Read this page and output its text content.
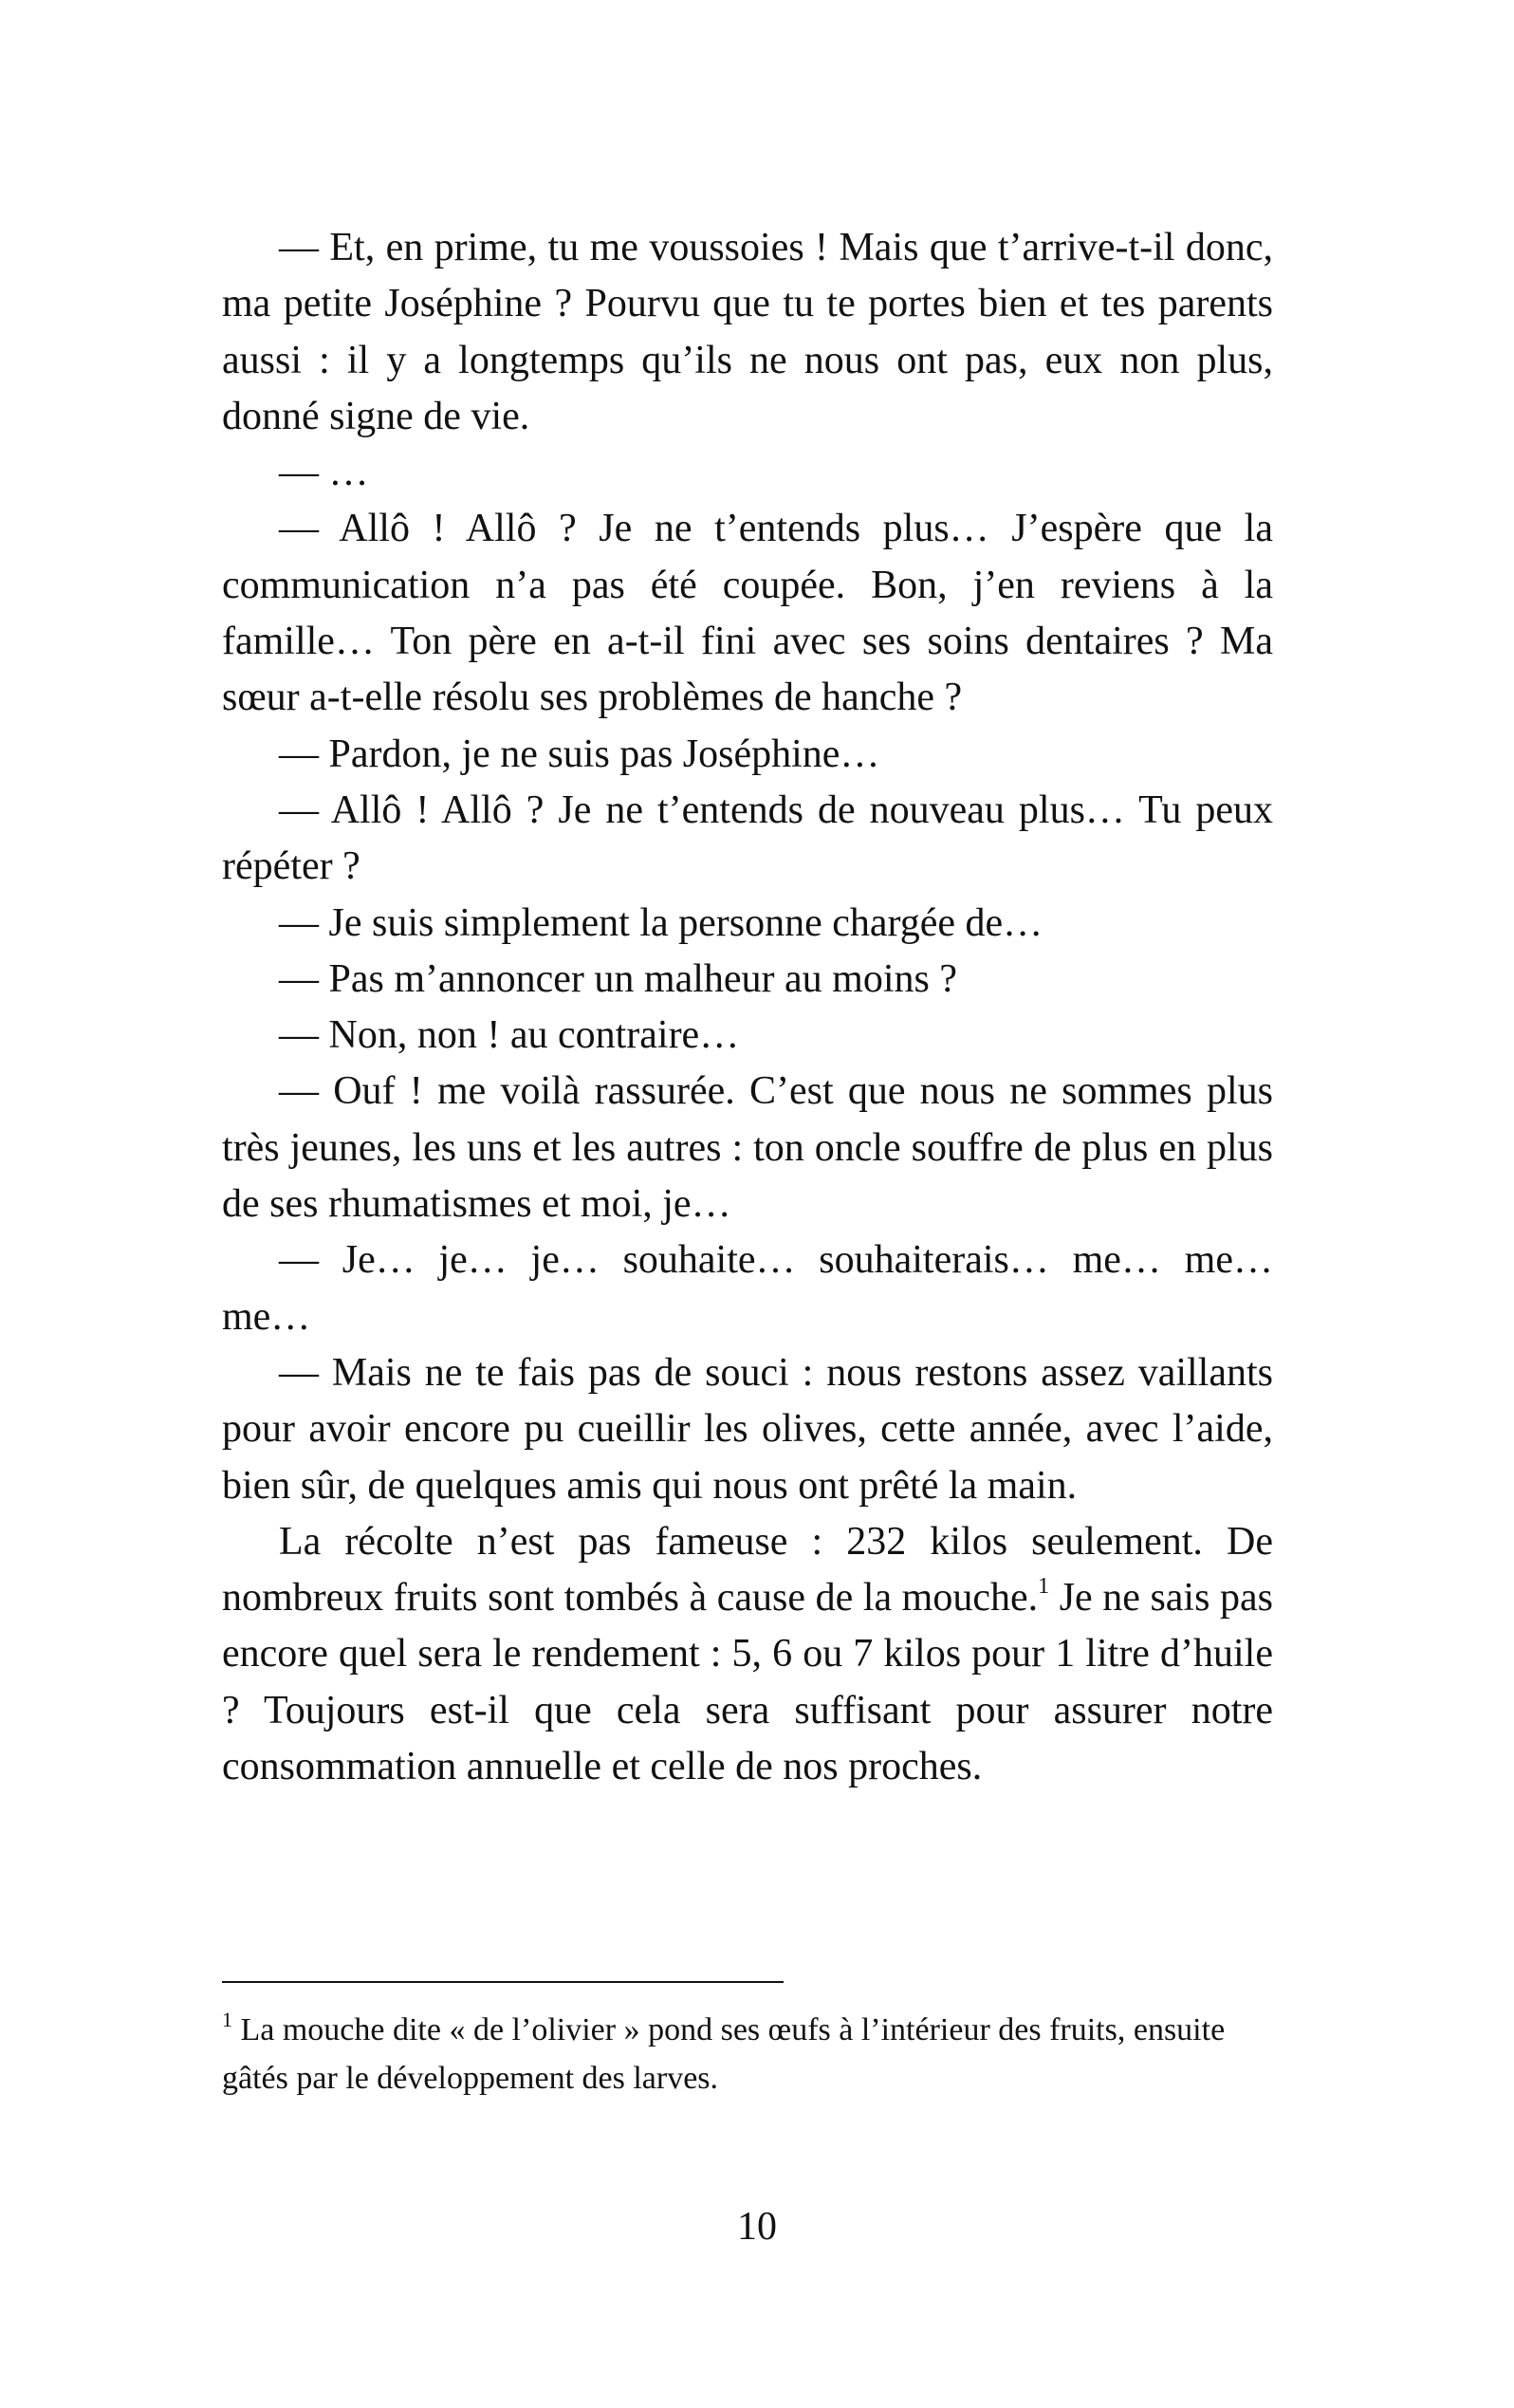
— Et, en prime, tu me voussoies ! Mais que t’arrive-t-il donc, ma petite Joséphine ? Pourvu que tu te portes bien et tes parents aussi : il y a longtemps qu’ils ne nous ont pas, eux non plus, donné signe de vie.

— …

— Allô ! Allô ? Je ne t’entends plus… J’espère que la communication n’a pas été coupée. Bon, j’en reviens à la famille… Ton père en a-t-il fini avec ses soins dentaires ? Ma sœur a-t-elle résolu ses problèmes de hanche ?

— Pardon, je ne suis pas Joséphine…

— Allô ! Allô ? Je ne t’entends de nouveau plus… Tu peux répéter ?

— Je suis simplement la personne chargée de…

— Pas m’annoncer un malheur au moins ?

— Non, non ! au contraire…

— Ouf ! me voilà rassurée. C’est que nous ne sommes plus très jeunes, les uns et les autres : ton oncle souffre de plus en plus de ses rhumatismes et moi, je…

— Je… je… je… souhaite… souhaiterais… me… me… me…

— Mais ne te fais pas de souci : nous restons assez vaillants pour avoir encore pu cueillir les olives, cette année, avec l’aide, bien sûr, de quelques amis qui nous ont prêté la main.

La récolte n’est pas fameuse : 232 kilos seulement. De nombreux fruits sont tombés à cause de la mouche.$^1$ Je ne sais pas encore quel sera le rendement : 5, 6 ou 7 kilos pour 1 litre d’huile ? Toujours est-il que cela sera suffisant pour assurer notre consommation annuelle et celle de nos proches.

$^1$ La mouche dite « de l’olivier » pond ses œufs à l’intérieur des fruits, ensuite gâtés par le développement des larves.

10
